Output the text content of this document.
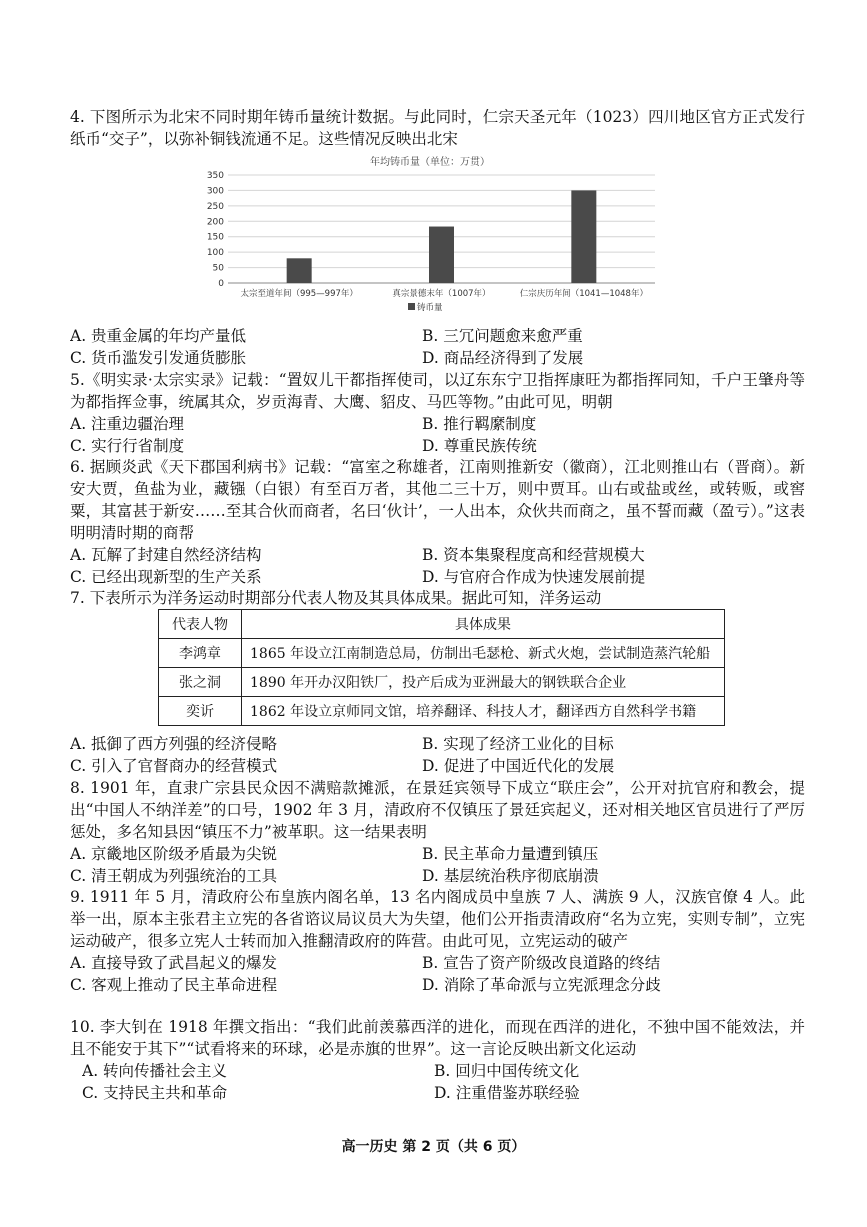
4. 下图所示为北宋不同时期年铸币量统计数据。与此同时，仁宗天圣元年（1023）四川地区官方正式发行纸币“交子”，以弥补铜钱流通不足。这些情况反映出北宋

年均铸币量（单位：万贯）
350
300
250
200
150
100
50
0
太宗至道年间（995—997年）	真宗景德末年（1007年）	仁宗庆历年间（1041—1048年）
铸币量
A. 贵重金属的年均产量低	B. 三冗问题愈来愈严重
C. 货币滥发引发通货膨胀	D. 商品经济得到了发展

5.《明实录·太宗实录》记载：“置奴儿干都指挥使司，以辽东东宁卫指挥康旺为都指挥同知，千户王肇舟等为都指挥佥事，统属其众，岁贡海青、大鹰、貂皮、马匹等物。”由此可见，明朝

A. 注重边疆治理	B. 推行羁縻制度
C. 实行行省制度	D. 尊重民族传统

6. 据顾炎武《天下郡国利病书》记载：“富室之称雄者，江南则推新安（徽商），江北则推山右（晋商）。新安大贾，鱼盐为业，藏镪（白银）有至百万者，其他二三十万，则中贾耳。山右或盐或丝，或转贩，或窖粟，其富甚于新安……至其合伙而商者，名曰‘伙计’，一人出本，众伙共而商之，虽不誓而藏（盈亏）。”这表明明清时期的商帮

A. 瓦解了封建自然经济结构	B. 资本集聚程度高和经营规模大
C. 已经出现新型的生产关系	D. 与官府合作成为快速发展前提

7. 下表所示为洋务运动时期部分代表人物及其具体成果。据此可知，洋务运动

代表人物	具体成果
李鸿章	1865 年设立江南制造总局，仿制出毛瑟枪、新式火炮，尝试制造蒸汽轮船
张之洞	1890 年开办汉阳铁厂，投产后成为亚洲最大的钢铁联合企业
奕䜣	1862 年设立京师同文馆，培养翻译、科技人才，翻译西方自然科学书籍
A. 抵御了西方列强的经济侵略	B. 实现了经济工业化的目标
C. 引入了官督商办的经营模式	D. 促进了中国近代化的发展

8. 1901 年，直隶广宗县民众因不满赔款摊派，在景廷宾领导下成立“联庄会”，公开对抗官府和教会，提出“中国人不纳洋差”的口号，1902 年 3 月，清政府不仅镇压了景廷宾起义，还对相关地区官员进行了严厉惩处，多名知县因“镇压不力”被革职。这一结果表明

A. 京畿地区阶级矛盾最为尖锐	B. 民主革命力量遭到镇压
C. 清王朝成为列强统治的工具	D. 基层统治秩序彻底崩溃

9. 1911 年 5 月，清政府公布皇族内阁名单，13 名内阁成员中皇族 7 人、满族 9 人，汉族官僚 4 人。此举一出，原本主张君主立宪的各省谘议局议员大为失望，他们公开指责清政府“名为立宪，实则专制”，立宪运动破产，很多立宪人士转而加入推翻清政府的阵营。由此可见，立宪运动的破产

A. 直接导致了武昌起义的爆发	B. 宣告了资产阶级改良道路的终结
C. 客观上推动了民主革命进程	D. 消除了革命派与立宪派理念分歧

10. 李大钊在 1918 年撰文指出：“我们此前羡慕西洋的进化，而现在西洋的进化，不独中国不能效法，并且不能安于其下”“试看将来的环球，必是赤旗的世界”。这一言论反映出新文化运动

A. 转向传播社会主义	B. 回归中国传统文化
C. 支持民主共和革命	D. 注重借鉴苏联经验
高一历史 第 2 页（共 6 页）
